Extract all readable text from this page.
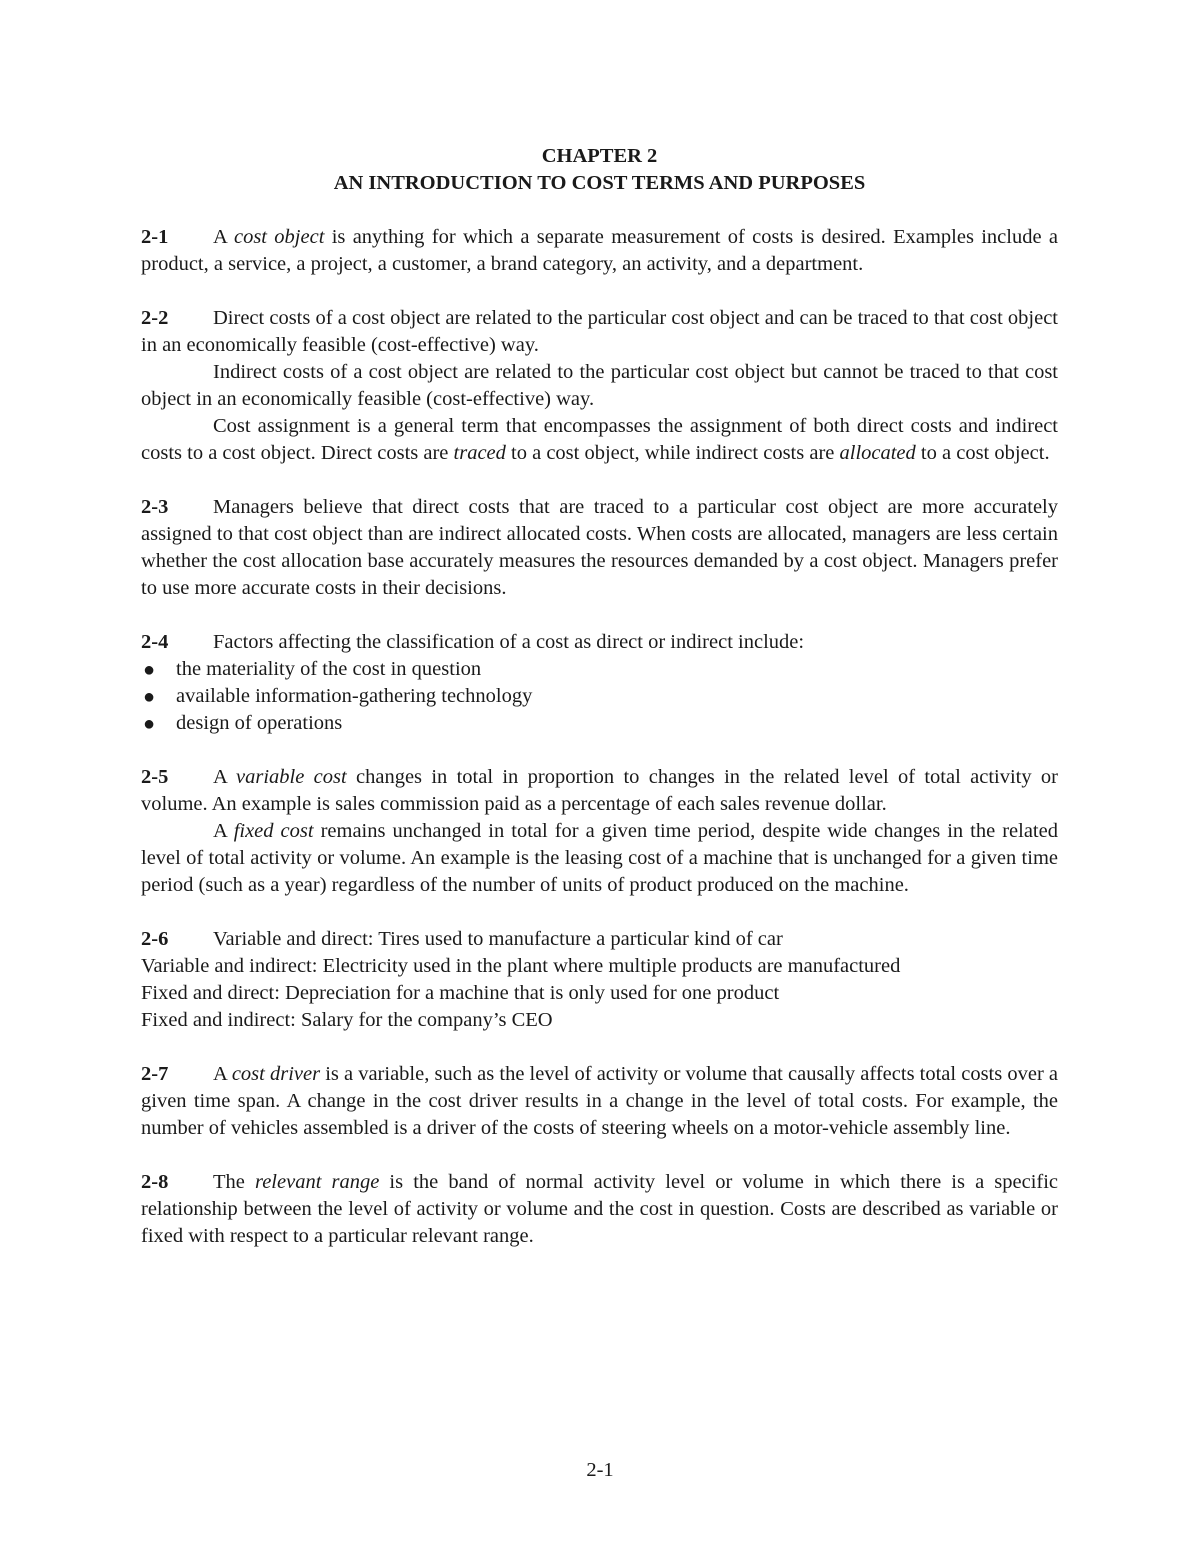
CHAPTER 2
AN INTRODUCTION TO COST TERMS AND PURPOSES
2-1 A cost object is anything for which a separate measurement of costs is desired. Examples include a product, a service, a project, a customer, a brand category, an activity, and a department.
2-2 Direct costs of a cost object are related to the particular cost object and can be traced to that cost object in an economically feasible (cost-effective) way.
Indirect costs of a cost object are related to the particular cost object but cannot be traced to that cost object in an economically feasible (cost-effective) way.
Cost assignment is a general term that encompasses the assignment of both direct costs and indirect costs to a cost object. Direct costs are traced to a cost object, while indirect costs are allocated to a cost object.
2-3 Managers believe that direct costs that are traced to a particular cost object are more accurately assigned to that cost object than are indirect allocated costs. When costs are allocated, managers are less certain whether the cost allocation base accurately measures the resources demanded by a cost object. Managers prefer to use more accurate costs in their decisions.
2-4 Factors affecting the classification of a cost as direct or indirect include:
● the materiality of the cost in question
● available information-gathering technology
● design of operations
2-5 A variable cost changes in total in proportion to changes in the related level of total activity or volume. An example is sales commission paid as a percentage of each sales revenue dollar.
A fixed cost remains unchanged in total for a given time period, despite wide changes in the related level of total activity or volume. An example is the leasing cost of a machine that is unchanged for a given time period (such as a year) regardless of the number of units of product produced on the machine.
2-6 Variable and direct: Tires used to manufacture a particular kind of car
Variable and indirect: Electricity used in the plant where multiple products are manufactured
Fixed and direct: Depreciation for a machine that is only used for one product
Fixed and indirect: Salary for the company’s CEO
2-7 A cost driver is a variable, such as the level of activity or volume that causally affects total costs over a given time span. A change in the cost driver results in a change in the level of total costs. For example, the number of vehicles assembled is a driver of the costs of steering wheels on a motor-vehicle assembly line.
2-8 The relevant range is the band of normal activity level or volume in which there is a specific relationship between the level of activity or volume and the cost in question. Costs are described as variable or fixed with respect to a particular relevant range.
2-1
